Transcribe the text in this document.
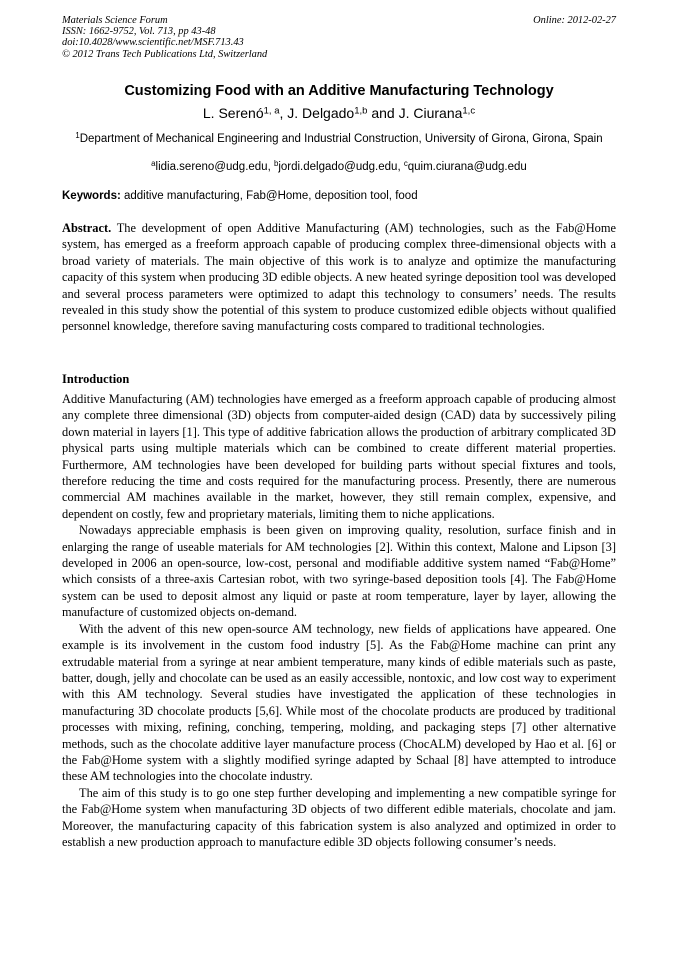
Materials Science Forum
ISSN: 1662-9752, Vol. 713, pp 43-48
doi:10.4028/www.scientific.net/MSF.713.43
© 2012 Trans Tech Publications Ltd, Switzerland
Online: 2012-02-27
Customizing Food with an Additive Manufacturing Technology
L. Serenó$^{1, a}$, J. Delgado$^{1,b}$ and J. Ciurana$^{1,c}$
$^1$Department of Mechanical Engineering and Industrial Construction, University of Girona, Girona, Spain
$^a$lidia.sereno@udg.edu, $^b$jordi.delgado@udg.edu, $^c$quim.ciurana@udg.edu
Keywords: additive manufacturing, Fab@Home, deposition tool, food
Abstract. The development of open Additive Manufacturing (AM) technologies, such as the Fab@Home system, has emerged as a freeform approach capable of producing complex three-dimensional objects with a broad variety of materials. The main objective of this work is to analyze and optimize the manufacturing capacity of this system when producing 3D edible objects. A new heated syringe deposition tool was developed and several process parameters were optimized to adapt this technology to consumers’ needs. The results revealed in this study show the potential of this system to produce customized edible objects without qualified personnel knowledge, therefore saving manufacturing costs compared to traditional technologies.
Introduction

Additive Manufacturing (AM) technologies have emerged as a freeform approach capable of producing almost any complete three dimensional (3D) objects from computer-aided design (CAD) data by successively piling down material in layers [1]. This type of additive fabrication allows the production of arbitrary complicated 3D physical parts using multiple materials which can be combined to create different material properties. Furthermore, AM technologies have been developed for building parts without special fixtures and tools, therefore reducing the time and costs required for the manufacturing process. Presently, there are numerous commercial AM machines available in the market, however, they still remain complex, expensive, and dependent on costly, few and proprietary materials, limiting them to niche applications.

Nowadays appreciable emphasis is been given on improving quality, resolution, surface finish and in enlarging the range of useable materials for AM technologies [2]. Within this context, Malone and Lipson [3] developed in 2006 an open-source, low-cost, personal and modifiable additive system named “Fab@Home” which consists of a three-axis Cartesian robot, with two syringe-based deposition tools [4]. The Fab@Home system can be used to deposit almost any liquid or paste at room temperature, layer by layer, allowing the manufacture of customized objects on-demand.

With the advent of this new open-source AM technology, new fields of applications have appeared. One example is its involvement in the custom food industry [5]. As the Fab@Home machine can print any extrudable material from a syringe at near ambient temperature, many kinds of edible materials such as paste, batter, dough, jelly and chocolate can be used as an easily accessible, nontoxic, and low cost way to experiment with this AM technology. Several studies have investigated the application of these technologies in manufacturing 3D chocolate products [5,6]. While most of the chocolate products are produced by traditional processes with mixing, refining, conching, tempering, molding, and packaging steps [7] other alternative methods, such as the chocolate additive layer manufacture process (ChocALM) developed by Hao et al. [6] or the Fab@Home system with a slightly modified syringe adapted by Schaal [8] have attempted to introduce these AM technologies into the chocolate industry.

The aim of this study is to go one step further developing and implementing a new compatible syringe for the Fab@Home system when manufacturing 3D objects of two different edible materials, chocolate and jam. Moreover, the manufacturing capacity of this fabrication system is also analyzed and optimized in order to establish a new production approach to manufacture edible 3D objects following consumer’s needs.
